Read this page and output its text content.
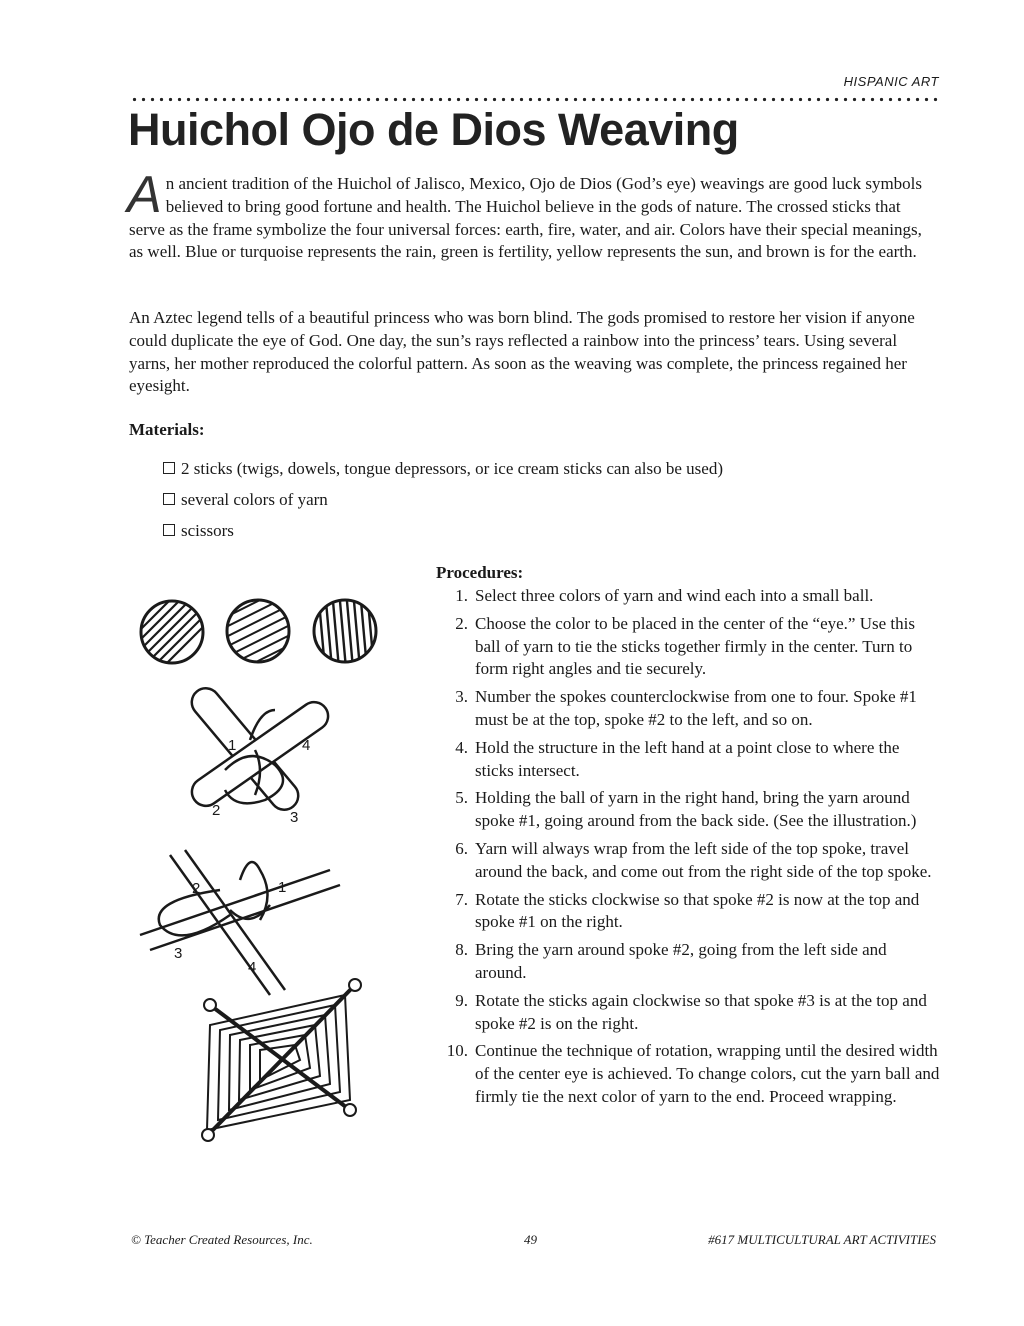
HISPANIC ART
Huichol Ojo de Dios Weaving

An ancient tradition of the Huichol of Jalisco, Mexico, Ojo de Dios (God’s eye) weavings are good luck symbols believed to bring good fortune and health. The Huichol believe in the gods of nature. The crossed sticks that serve as the frame symbolize the four universal forces: earth, fire, water, and air. Colors have their special meanings, as well. Blue or turquoise represents the rain, green is fertility, yellow represents the sun, and brown is for the earth.

An Aztec legend tells of a beautiful princess who was born blind. The gods promised to restore her vision if anyone could duplicate the eye of God. One day, the sun’s rays reflected a rainbow into the princess’ tears. Using several yarns, her mother reproduced the colorful pattern. As soon as the weaving was complete, the princess regained her eyesight.

Materials:
2 sticks (twigs, dowels, tongue depressors, or ice cream sticks can also be used)
several colors of yarn
scissors
1
2	3
4
2	1
3
4
Procedures:
1. Select three colors of yarn and wind each into a small ball.
2. Choose the color to be placed in the center of the “eye.” Use this ball of yarn to tie the sticks together firmly in the center. Turn to form right angles and tie securely.
3. Number the spokes counterclockwise from one to four. Spoke #1 must be at the top, spoke #2 to the left, and so on.
4. Hold the structure in the left hand at a point close to where the sticks intersect.
5. Holding the ball of yarn in the right hand, bring the yarn around spoke #1, going around from the back side. (See the illustration.)
6. Yarn will always wrap from the left side of the top spoke, travel around the back, and come out from the right side of the top spoke.
7. Rotate the sticks clockwise so that spoke #2 is now at the top and spoke #1 on the right.
8. Bring the yarn around spoke #2, going from the left side and around.
9. Rotate the sticks again clockwise so that spoke #3 is at the top and spoke #2 is on the right.
10. Continue the technique of rotation, wrapping until the desired width of the center eye is achieved. To change colors, cut the yarn ball and firmly tie the next color of yarn to the end. Proceed wrapping.
© Teacher Created Resources, Inc.	49	#617 MULTICULTURAL ART ACTIVITIES
